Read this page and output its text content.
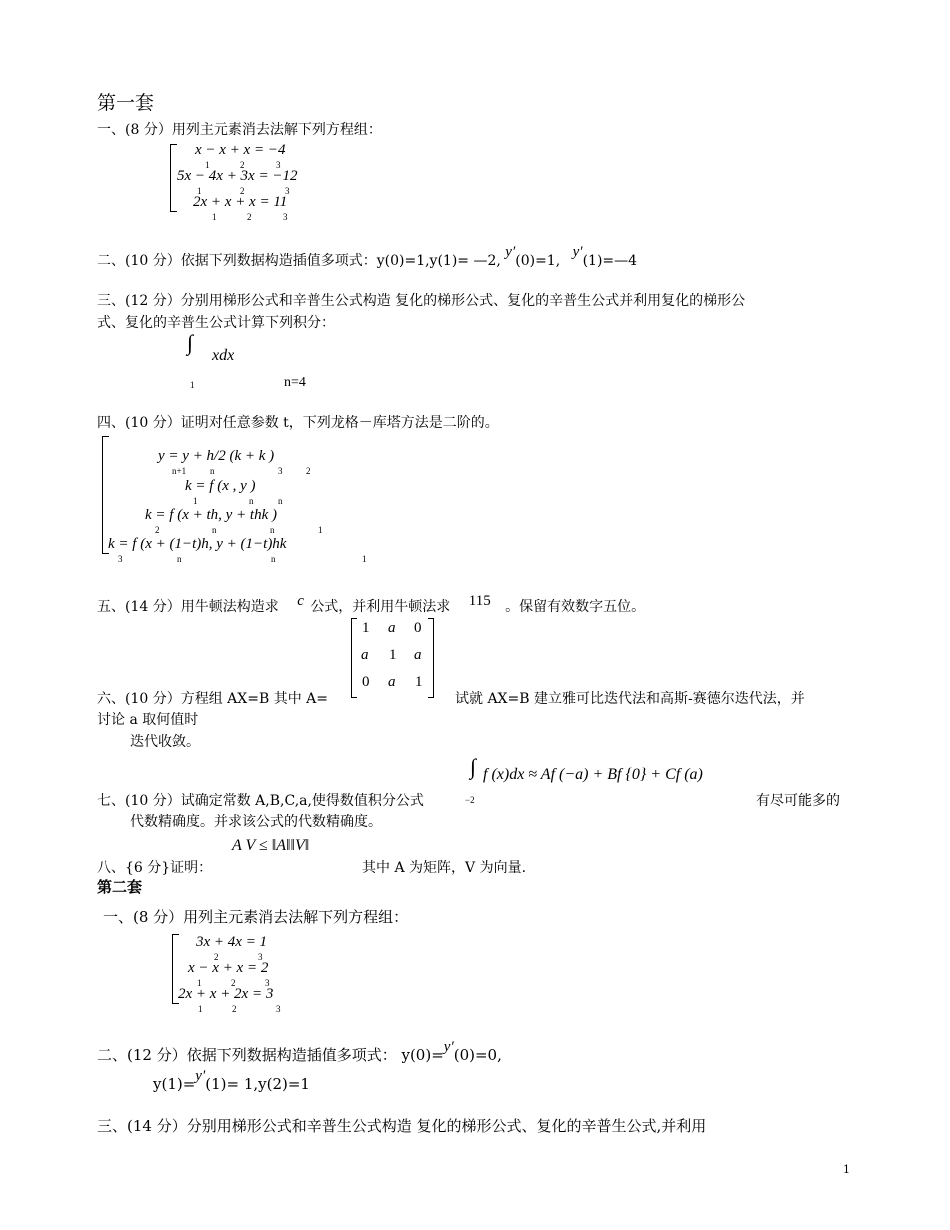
第一套
一、(8 分）用列主元素消去法解下列方程组：
x − x + x = −4
1	2	3
5x − 4x + 3x = −12
1	2	3
2x + x + x = 11
1	2	3
二、(10 分）依据下列数据构造插值多项式：y(0)=1,y(1)= —2, y′(0)=1, y′(1)=—4
三、(12 分）分别用梯形公式和辛普生公式构造 复化的梯形公式、复化的辛普生公式并利用复化的梯形公
式、复化的辛普生公式计算下列积分：
∫
xdx
1	n=4
四、(10 分）证明对任意参数 t，下列龙格－库塔方法是二阶的。
y = y + h/2 (k + k )
n+1	n	3	2
k = f (x , y )
1	n	n
k = f (x + th, y + thk )
2	n	n	1
k = f (x + (1−t)h, y + (1−t)hk
3	n	n	1
五、(14 分）用牛顿法构造求 c 公式，并利用牛顿法求 115 。保留有效数字五位。
六、(10 分）方程组 AX=B 其中 A=
1 a 0
a 1 a
0 a 1
试就 AX=B 建立雅可比迭代法和高斯-赛德尔迭代法，并
讨论 a 取何值时
迭代收敛。
∫ f (x)dx ≈ Af (−a) + Bf {0} + Cf (a)
−2
七、(10 分）试确定常数 A,B,C,a,使得数值积分公式	有尽可能多的
代数精确度。并求该公式的代数精确度。
八、{6 分}证明：
A V ≤ ‖A‖‖V‖
其中 A 为矩阵，V 为向量.
第二套
一、(8 分）用列主元素消去法解下列方程组：
3x + 4x = 1
2	3
x − x + x = 2
1	2	3
2x + x + 2x = 3
1	2	3
二、(12 分）依据下列数据构造插值多项式： y(0)=y′(0)=0,
y(1)=y′(1)= 1,y(2)=1
三、(14 分）分别用梯形公式和辛普生公式构造 复化的梯形公式、复化的辛普生公式,并利用
1
